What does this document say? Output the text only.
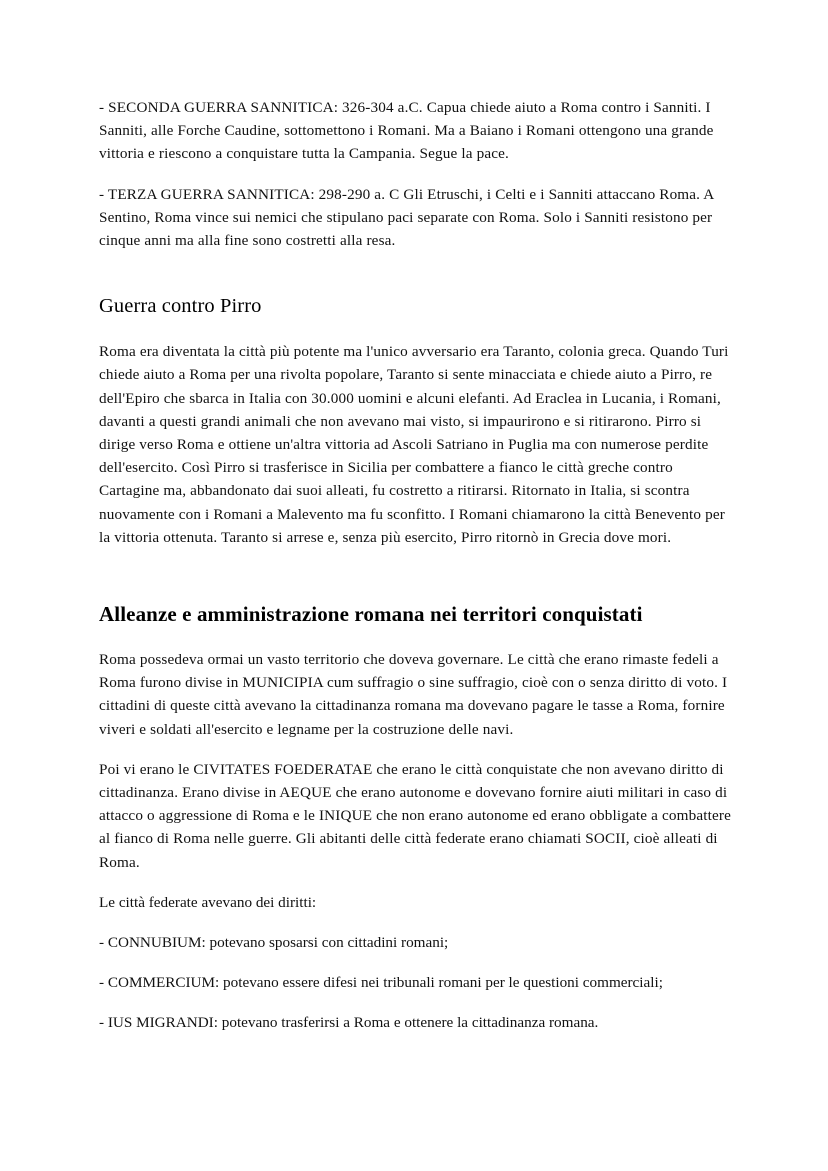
- SECONDA GUERRA SANNITICA: 326-304 a.C. Capua chiede aiuto a Roma contro i Sanniti. I Sanniti, alle Forche Caudine, sottomettono i Romani. Ma a Baiano i Romani ottengono una grande vittoria e riescono a conquistare tutta la Campania. Segue la pace.

- TERZA GUERRA SANNITICA: 298-290 a. C Gli Etruschi, i Celti e i Sanniti attaccano Roma. A Sentino, Roma vince sui nemici che stipulano paci separate con Roma. Solo i Sanniti resistono per cinque anni ma alla fine sono costretti alla resa.

Guerra contro Pirro

Roma era diventata la città più potente ma l'unico avversario era Taranto, colonia greca. Quando Turi chiede aiuto a Roma per una rivolta popolare, Taranto si sente minacciata e chiede aiuto a Pirro, re dell'Epiro che sbarca in Italia con 30.000 uomini e alcuni elefanti. Ad Eraclea in Lucania, i Romani, davanti a questi grandi animali che non avevano mai visto, si impaurirono e si ritirarono. Pirro si dirige verso Roma e ottiene un'altra vittoria ad Ascoli Satriano in Puglia ma con numerose perdite dell'esercito. Così Pirro si trasferisce in Sicilia per combattere a fianco le città greche contro Cartagine ma, abbandonato dai suoi alleati, fu costretto a ritirarsi. Ritornato in Italia, si scontra nuovamente con i Romani a Malevento ma fu sconfitto. I Romani chiamarono la città Benevento per la vittoria ottenuta. Taranto si arrese e, senza più esercito, Pirro ritornò in Grecia dove mori.

Alleanze e amministrazione romana nei territori conquistati

Roma possedeva ormai un vasto territorio che doveva governare. Le città che erano rimaste fedeli a Roma furono divise in MUNICIPIA cum suffragio o sine suffragio, cioè con o senza diritto di voto. I cittadini di queste città avevano la cittadinanza romana ma dovevano pagare le tasse a Roma, fornire viveri e soldati all'esercito e legname per la costruzione delle navi.

Poi vi erano le CIVITATES FOEDERATAE che erano le città conquistate che non avevano diritto di cittadinanza. Erano divise in AEQUE che erano autonome e dovevano fornire aiuti militari in caso di attacco o aggressione di Roma e le INIQUE che non erano autonome ed erano obbligate a combattere al fianco di Roma nelle guerre. Gli abitanti delle città federate erano chiamati SOCII, cioè alleati di Roma.

Le città federate avevano dei diritti:

- CONNUBIUM: potevano sposarsi con cittadini romani;

- COMMERCIUM: potevano essere difesi nei tribunali romani per le questioni commerciali;

- IUS MIGRANDI: potevano trasferirsi a Roma e ottenere la cittadinanza romana.
